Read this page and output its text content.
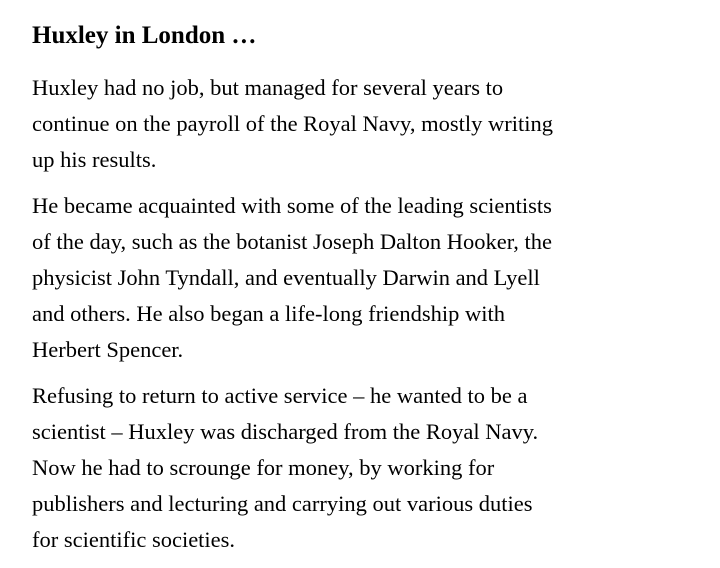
Huxley in London …

Huxley had no job, but managed for several years to
continue on the payroll of the Royal Navy, mostly writing
up his results.

He became acquainted with some of the leading scientists
of the day, such as the botanist Joseph Dalton Hooker, the
physicist John Tyndall, and eventually Darwin and Lyell
and others. He also began a life-long friendship with
Herbert Spencer.

Refusing to return to active service – he wanted to be a
scientist – Huxley was discharged from the Royal Navy.
Now he had to scrounge for money, by working for
publishers and lecturing and carrying out various duties
for scientific societies.
